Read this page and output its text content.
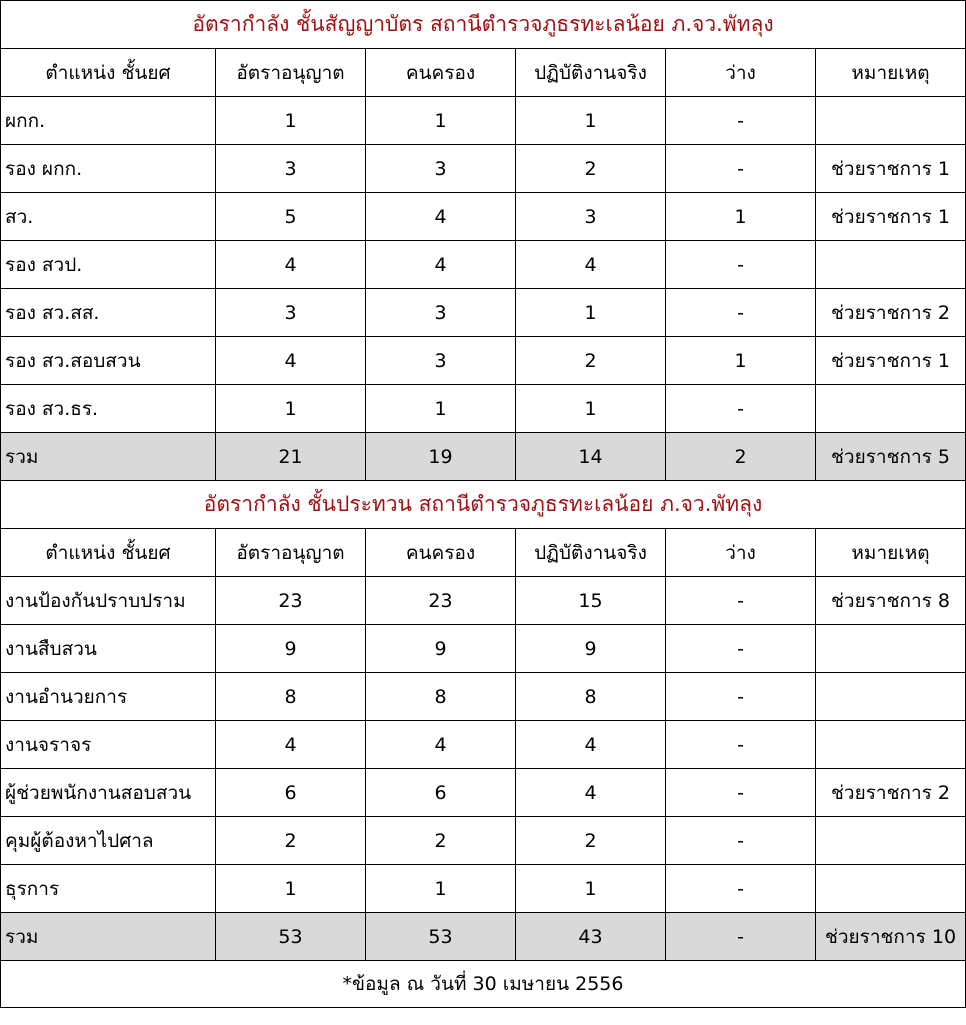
อัตรากำลัง ชั้นสัญญาบัตร สถานีตำรวจภูธรทะเลน้อย ภ.จว.พัทลุง					
ตำแหน่ง ชั้นยศ	อัตราอนุญาต	คนครอง	ปฏิบัติงานจริง	ว่าง	หมายเหตุ
ผกก.	1	1	1	-	
รอง ผกก.	3	3	2	-	ช่วยราชการ 1
สว.	5	4	3	1	ช่วยราชการ 1
รอง สวป.	4	4	4	-	
รอง สว.สส.	3	3	1	-	ช่วยราชการ 2
รอง สว.สอบสวน	4	3	2	1	ช่วยราชการ 1
รอง สว.ธร.	1	1	1	-	
รวม	21	19	14	2	ช่วยราชการ 5
อัตรากำลัง ชั้นประทวน สถานีตำรวจภูธรทะเลน้อย ภ.จว.พัทลุง					
ตำแหน่ง ชั้นยศ	อัตราอนุญาต	คนครอง	ปฏิบัติงานจริง	ว่าง	หมายเหตุ
งานป้องกันปราบปราม	23	23	15	-	ช่วยราชการ 8
งานสืบสวน	9	9	9	-	
งานอำนวยการ	8	8	8	-	
งานจราจร	4	4	4	-	
ผู้ช่วยพนักงานสอบสวน	6	6	4	-	ช่วยราชการ 2
คุมผู้ต้องหาไปศาล	2	2	2	-	
ธุรการ	1	1	1	-	
รวม	53	53	43	-	ช่วยราชการ 10
*ข้อมูล ณ วันที่ 30 เมษายน 2556					
